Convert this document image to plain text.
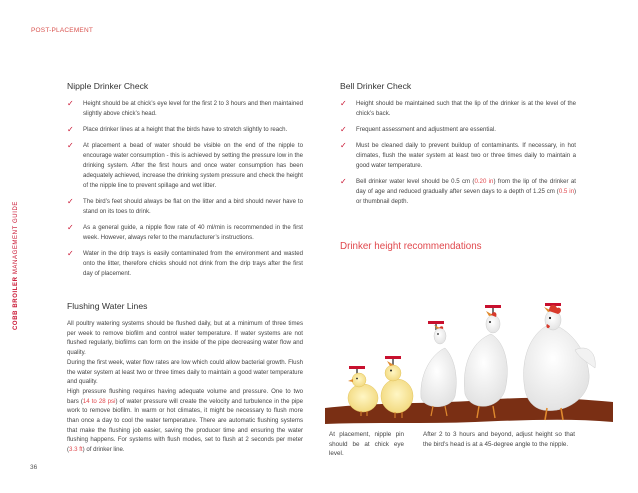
POST-PLACEMENT
COBB BROILER MANAGEMENT GUIDE
36
Nipple Drinker Check
✓ Height should be at chick’s eye level for the first 2 to 3 hours and then maintained slightly above chick’s head.
✓ Place drinker lines at a height that the birds have to stretch slightly to reach.
✓ At placement a bead of water should be visible on the end of the nipple to encourage water consumption - this is achieved by setting the pressure low in the drinking system. After the first hours and once water consumption has been adequately achieved, increase the drinking system pressure and check the height of the nipple line to prevent spillage and wet litter.
✓ The bird’s feet should always be flat on the litter and a bird should never have to stand on its toes to drink.
✓ As a general guide, a nipple flow rate of 40 ml/min is recommended in the first week. However, always refer to the manufacturer’s instructions.
✓ Water in the drip trays is easily contaminated from the environment and wasted onto the litter, therefore chicks should not drink from the drip trays after the first day of placement.
Flushing Water Lines

All poultry watering systems should be flushed daily, but at a minimum of three times per week to remove biofilm and control water temperature. If water systems are not flushed regularly, biofilms can form on the inside of the pipe decreasing water flow and quality.

During the first week, water flow rates are low which could allow bacterial growth. Flush the water system at least two or three times daily to maintain a good water temperature and quality.

High pressure flushing requires having adequate volume and pressure. One to two bars (14 to 28 psi) of water pressure will create the velocity and turbulence in the pipe work to remove biofilm. In warm or hot climates, it might be necessary to flush more than once a day to cool the water temperature. There are automatic flushing systems that make the flushing job easier, saving the producer time and ensuring the water flushing happens. For systems with flush modes, set to flush at 2 seconds per meter (3.3 ft) of drinker line.

Bell Drinker Check
✓ Height should be maintained such that the lip of the drinker is at the level of the chick’s back.
✓ Frequent assessment and adjustment are essential.
✓ Must be cleaned daily to prevent buildup of contaminants. If necessary, in hot climates, flush the water system at least two or three times daily to maintain a good water temperature.
✓ Bell drinker water level should be 0.5 cm (0.20 in) from the lip of the drinker at day of age and reduced gradually after seven days to a depth of 1.25 cm (0.5 in) or thumbnail depth.
Drinker height recommendations
At placement, nipple pin should be at chick eye level.
After 2 to 3 hours and beyond, adjust height so that the bird’s head is at a 45-degree angle to the nipple.
